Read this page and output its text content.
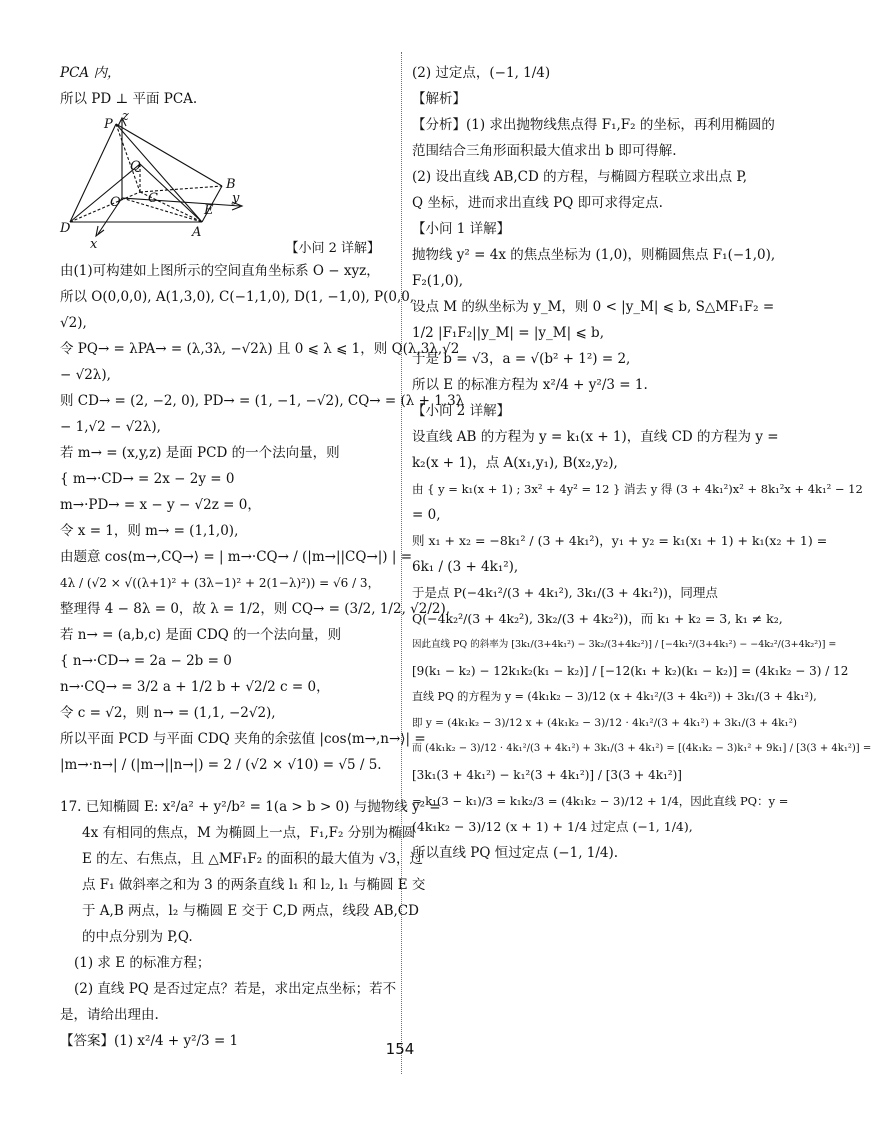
PCA 内，
所以 PD ⊥ 平面 PCA.
P
z
Q
O C
B
D
E
A
x
y
【小问 2 详解】
由(1)可构建如上图所示的空间直角坐标系 O − xyz，
所以 O(0,0,0), A(1,3,0), C(−1,1,0), D(1, −1,0), P(0,0,
√2),
令 PQ→ = λPA→ = (λ,3λ, −√2λ) 且 0 ⩽ λ ⩽ 1，则 Q(λ,3λ,√2
− √2λ),
则 CD→ = (2, −2, 0), PD→ = (1, −1, −√2), CQ→ = (λ + 1,3λ
− 1,√2 − √2λ),
若 m→ = (x,y,z) 是面 PCD 的一个法向量，则
{ m→·CD→ = 2x − 2y = 0
m→·PD→ = x − y − √2z = 0，
令 x = 1，则 m→ = (1,1,0),
由题意 cos⟨m→,CQ→⟩ = | m→·CQ→ / (|m→||CQ→|) | =
4λ / (√2 × √((λ+1)² + (3λ−1)² + 2(1−λ)²)) = √6 / 3，
整理得 4 − 8λ = 0，故 λ = 1/2，则 CQ→ = (3/2, 1/2, √2/2),
若 n→ = (a,b,c) 是面 CDQ 的一个法向量，则
{ n→·CD→ = 2a − 2b = 0
n→·CQ→ = 3/2 a + 1/2 b + √2/2 c = 0，
令 c = √2，则 n→ = (1,1, −2√2),
所以平面 PCD 与平面 CDQ 夹角的余弦值 |cos⟨m→,n→⟩| =
|m→·n→| / (|m→||n→|) = 2 / (√2 × √10) = √5 / 5.
17. 已知椭圆 E: x²/a² + y²/b² = 1(a > b > 0) 与抛物线 y² =
4x 有相同的焦点，M 为椭圆上一点，F₁,F₂ 分别为椭圆
E 的左、右焦点，且 △MF₁F₂ 的面积的最大值为 √3，过
点 F₁ 做斜率之和为 3 的两条直线 l₁ 和 l₂, l₁ 与椭圆 E 交
于 A,B 两点，l₂ 与椭圆 E 交于 C,D 两点，线段 AB,CD
的中点分别为 P,Q.
(1) 求 E 的标准方程；
(2) 直线 PQ 是否过定点？若是，求出定点坐标；若不
是，请给出理由.
【答案】(1) x²/4 + y²/3 = 1
(2) 过定点，(−1, 1/4)
【解析】
【分析】(1) 求出抛物线焦点得 F₁,F₂ 的坐标，再利用椭圆的
范围结合三角形面积最大值求出 b 即可得解.
(2) 设出直线 AB,CD 的方程，与椭圆方程联立求出点 P,
Q 坐标，进而求出直线 PQ 即可求得定点.
【小问 1 详解】
抛物线 y² = 4x 的焦点坐标为 (1,0)，则椭圆焦点 F₁(−1,0),
F₂(1,0),
设点 M 的纵坐标为 y_M，则 0 < |y_M| ⩽ b, S△MF₁F₂ =
1/2 |F₁F₂||y_M| = |y_M| ⩽ b,
于是 b = √3，a = √(b² + 1²) = 2,
所以 E 的标准方程为 x²/4 + y²/3 = 1.
【小问 2 详解】
设直线 AB 的方程为 y = k₁(x + 1)，直线 CD 的方程为 y =
k₂(x + 1)，点 A(x₁,y₁), B(x₂,y₂),
由 { y = k₁(x + 1) ; 3x² + 4y² = 12 } 消去 y 得 (3 + 4k₁²)x² + 8k₁²x + 4k₁² − 12
= 0,
则 x₁ + x₂ = −8k₁² / (3 + 4k₁²)，y₁ + y₂ = k₁(x₁ + 1) + k₁(x₂ + 1) =
6k₁ / (3 + 4k₁²),
于是点 P(−4k₁²/(3 + 4k₁²), 3k₁/(3 + 4k₁²))，同理点
Q(−4k₂²/(3 + 4k₂²), 3k₂/(3 + 4k₂²))，而 k₁ + k₂ = 3, k₁ ≠ k₂,
因此直线 PQ 的斜率为 [3k₁/(3+4k₁²) − 3k₂/(3+4k₂²)] / [−4k₁²/(3+4k₁²) − −4k₂²/(3+4k₂²)] =
[9(k₁ − k₂) − 12k₁k₂(k₁ − k₂)] / [−12(k₁ + k₂)(k₁ − k₂)] = (4k₁k₂ − 3) / 12
直线 PQ 的方程为 y = (4k₁k₂ − 3)/12 (x + 4k₁²/(3 + 4k₁²)) + 3k₁/(3 + 4k₁²),
即 y = (4k₁k₂ − 3)/12 x + (4k₁k₂ − 3)/12 · 4k₁²/(3 + 4k₁²) + 3k₁/(3 + 4k₁²)
而 (4k₁k₂ − 3)/12 · 4k₁²/(3 + 4k₁²) + 3k₁/(3 + 4k₁²) = [(4k₁k₂ − 3)k₁² + 9k₁] / [3(3 + 4k₁²)] =
[3k₁(3 + 4k₁²) − k₁²(3 + 4k₁²)] / [3(3 + 4k₁²)]
= k₁(3 − k₁)/3 = k₁k₂/3 = (4k₁k₂ − 3)/12 + 1/4，因此直线 PQ：y =
(4k₁k₂ − 3)/12 (x + 1) + 1/4 过定点 (−1, 1/4),
所以直线 PQ 恒过定点 (−1, 1/4).
154
